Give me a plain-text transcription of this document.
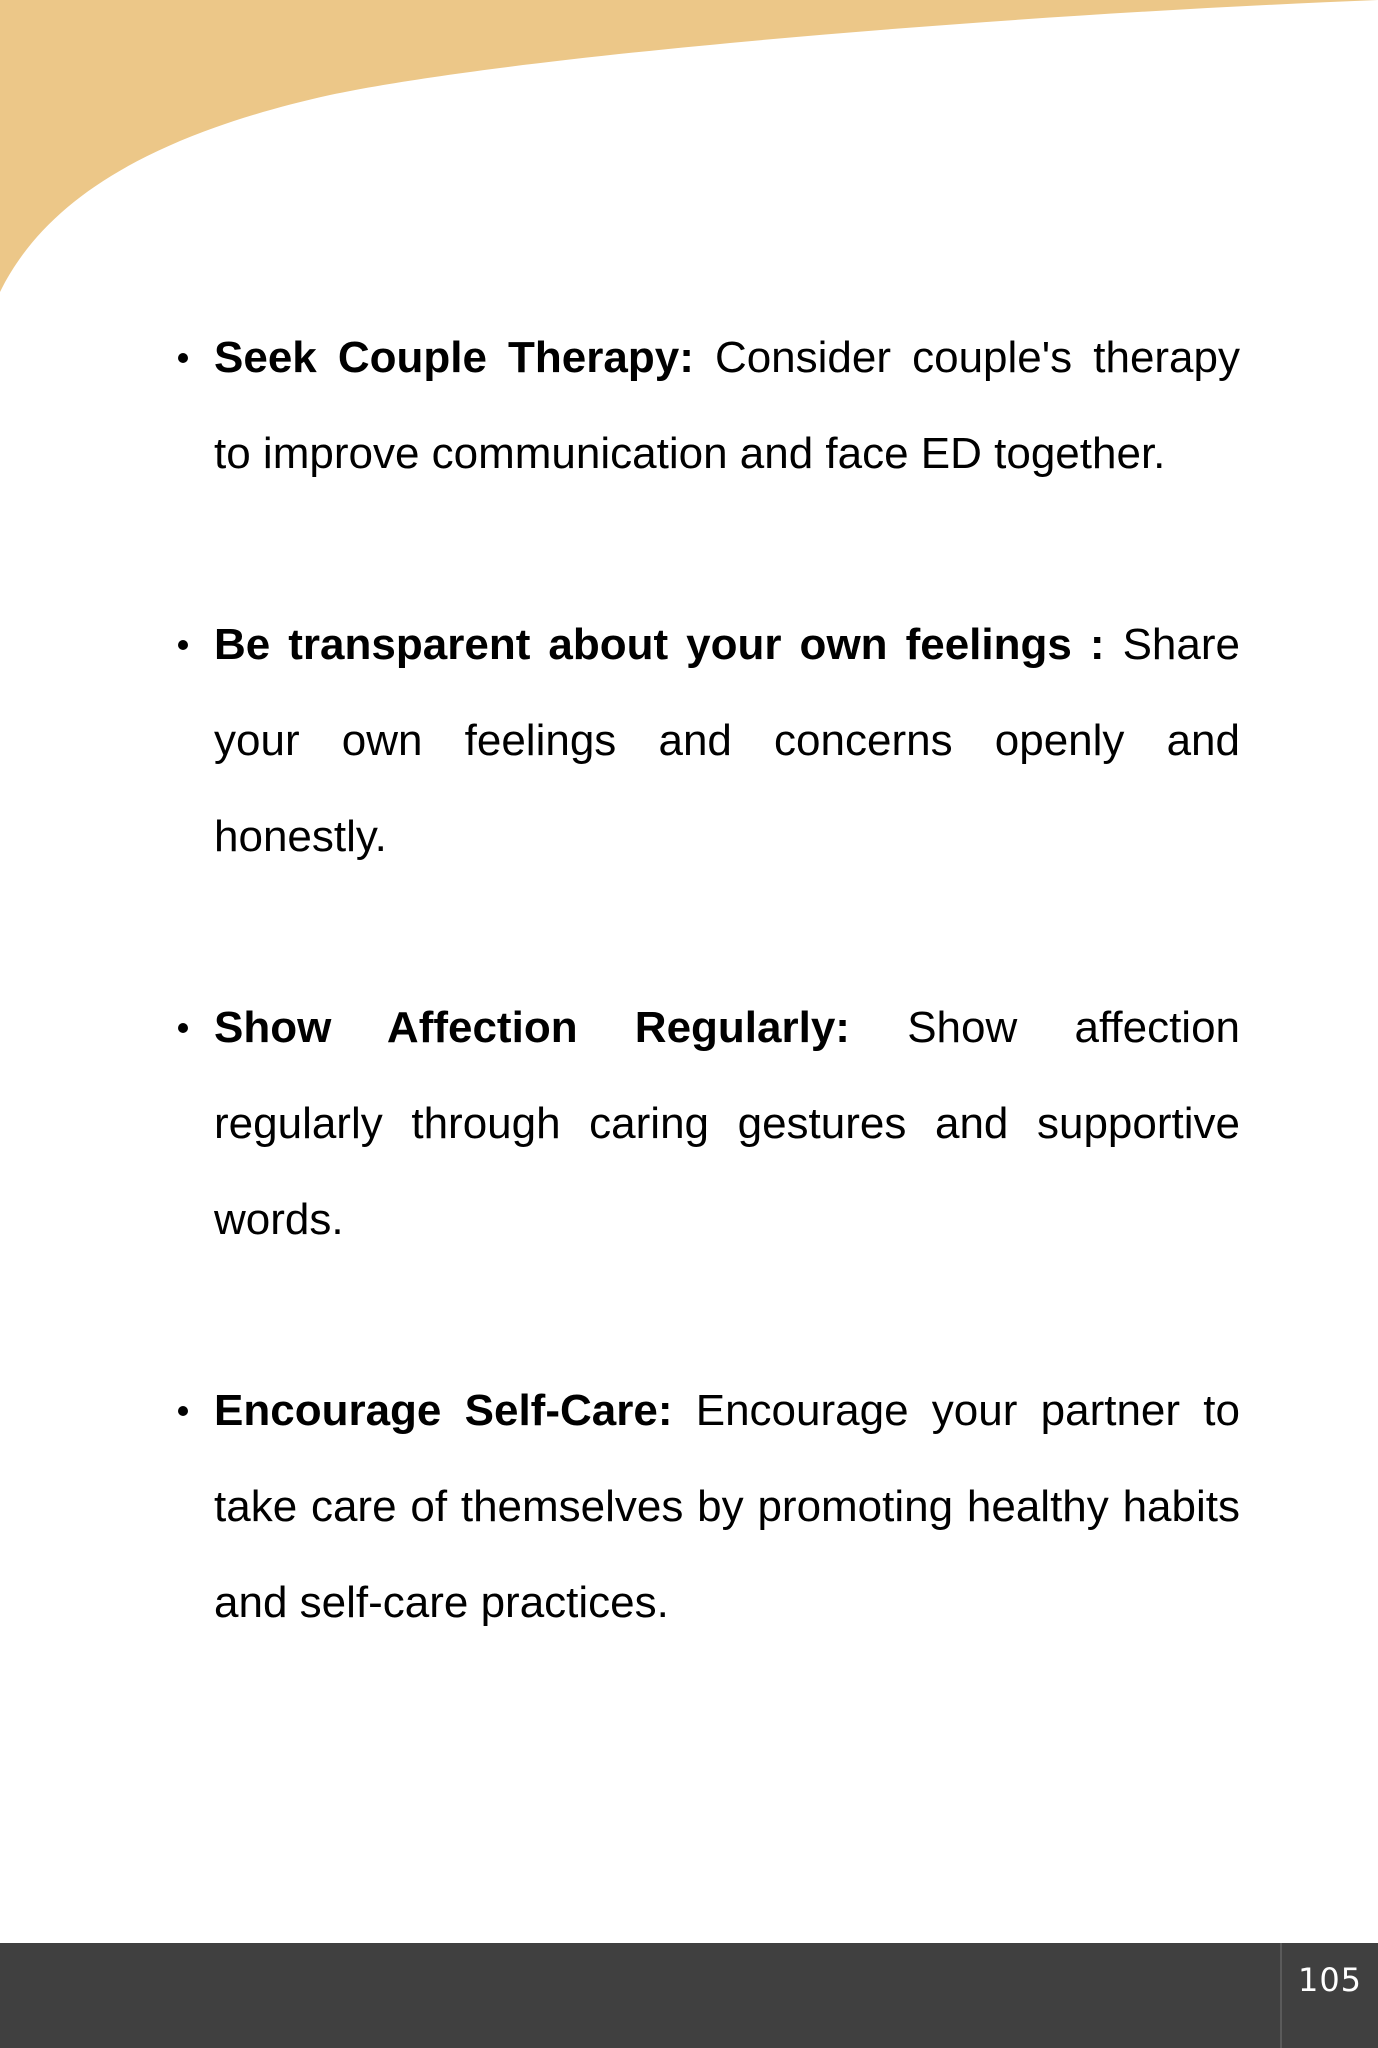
Seek Couple Therapy: Consider couple's therapy to improve communication and face ED together.
Be transparent about your own feelings : Share your own feelings and concerns openly and honestly.
Show Affection Regularly: Show affection regularly through caring gestures and supportive words.
Encourage Self-Care: Encourage your partner to take care of themselves by promoting healthy habits and self-care practices.
105
